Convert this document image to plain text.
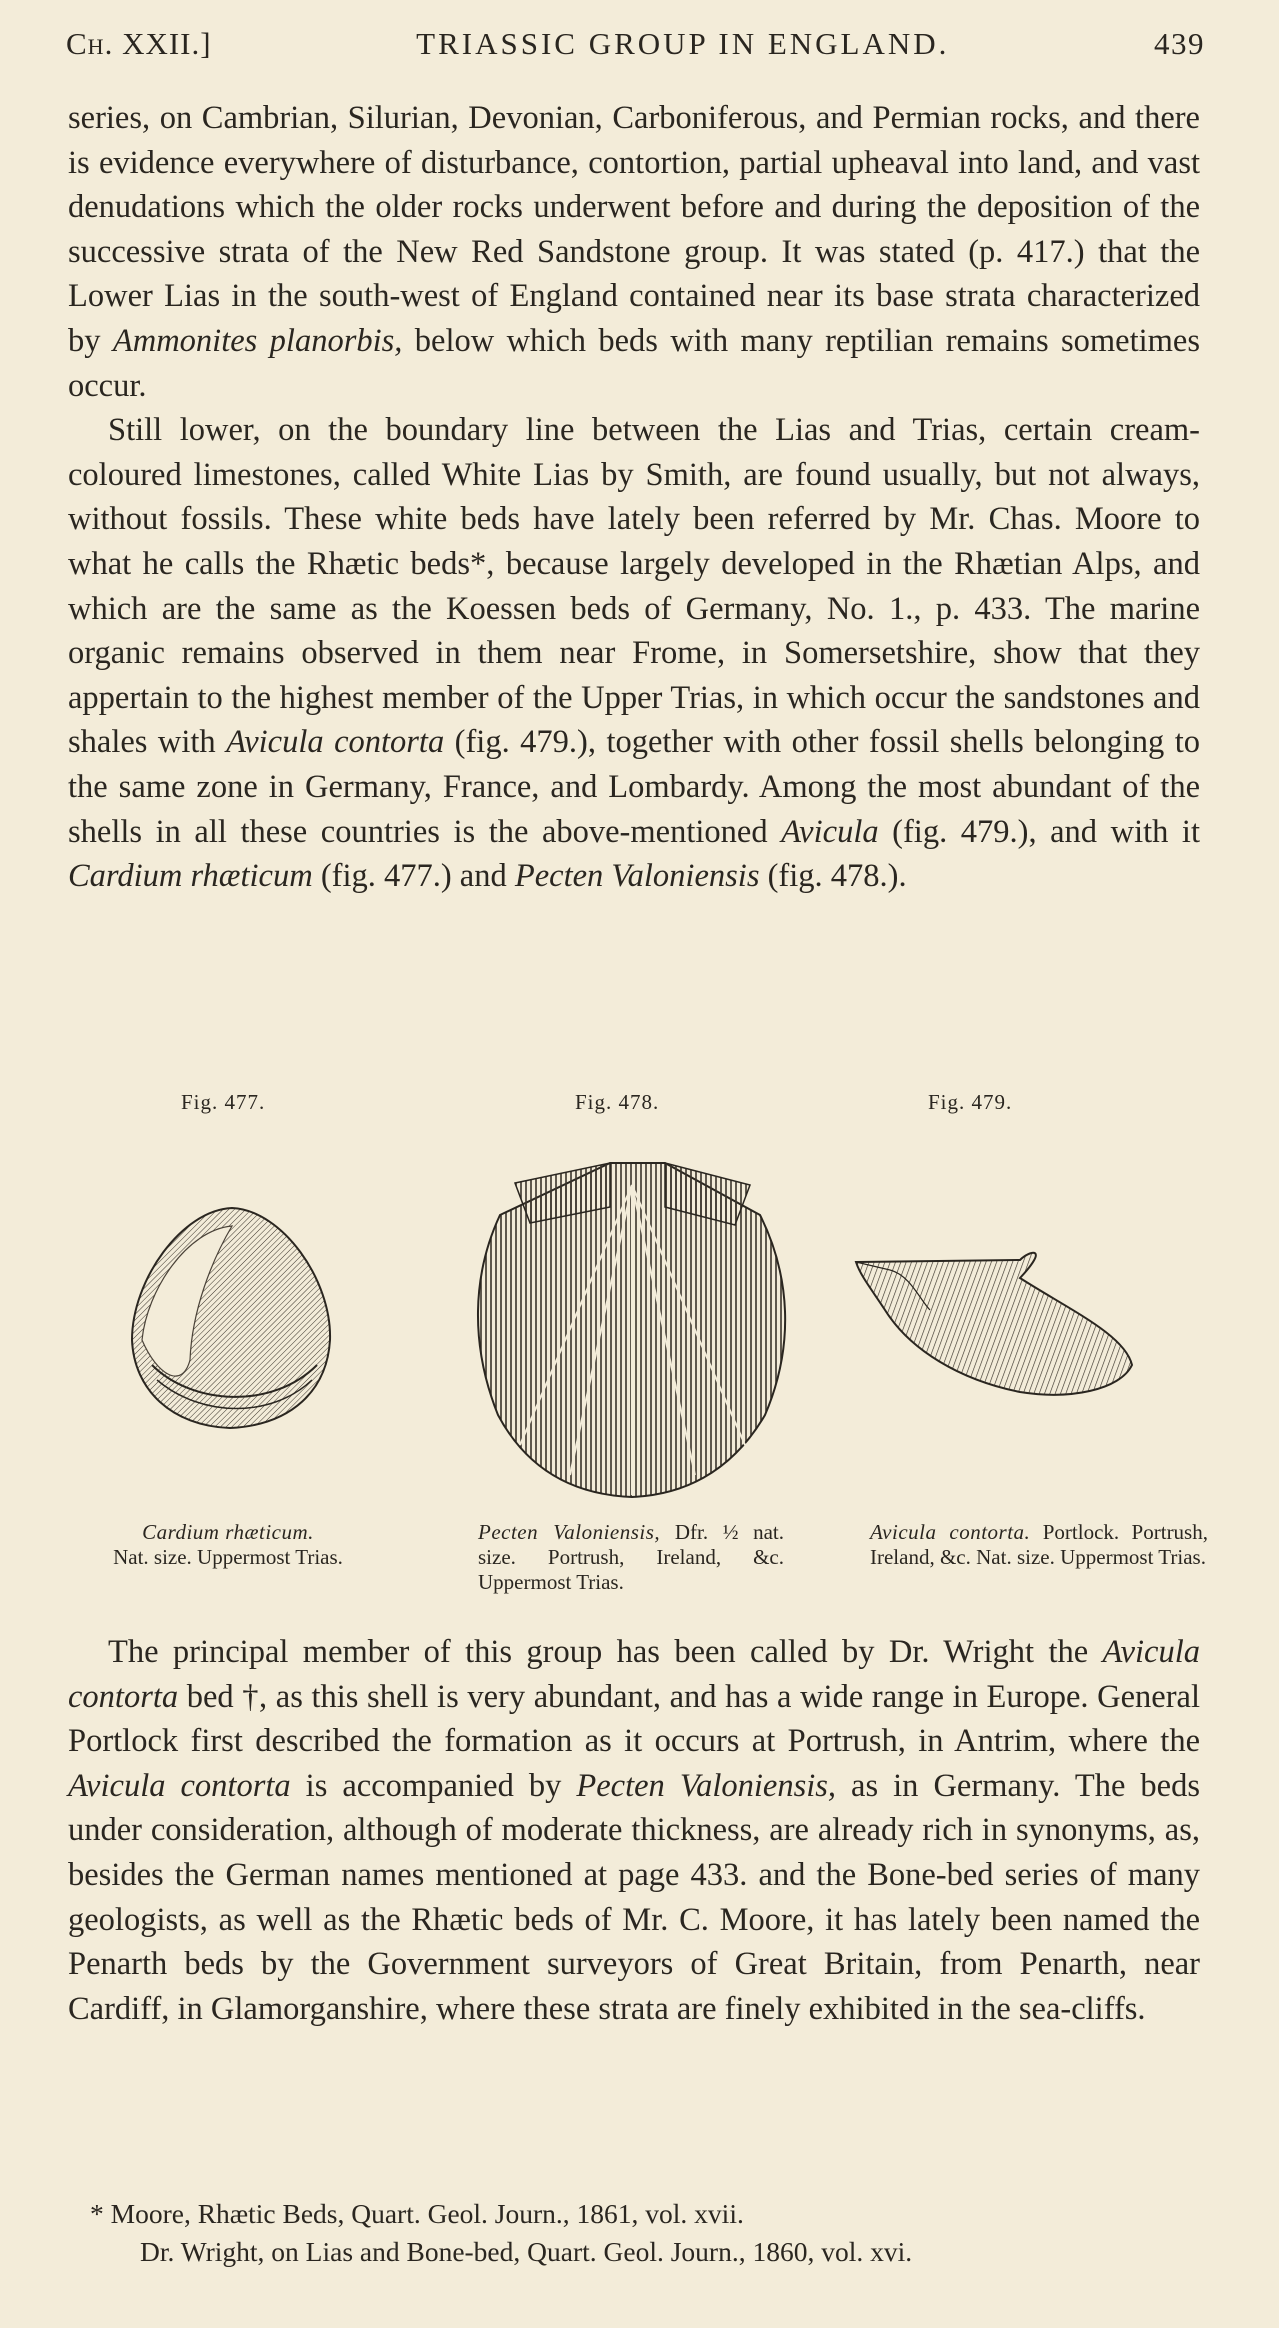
Ch. XXII.]	TRIASSIC GROUP IN ENGLAND.	439

series, on Cambrian, Silurian, Devonian, Carboniferous, and Permian rocks, and there is evidence everywhere of disturbance, contortion, partial upheaval into land, and vast denudations which the older rocks underwent before and during the deposition of the successive strata of the New Red Sandstone group. It was stated (p. 417.) that the Lower Lias in the south-west of England contained near its base strata characterized by Ammonites planorbis, below which beds with many reptilian remains sometimes occur.

Still lower, on the boundary line between the Lias and Trias, certain cream-coloured limestones, called White Lias by Smith, are found usually, but not always, without fossils. These white beds have lately been referred by Mr. Chas. Moore to what he calls the Rhætic beds*, because largely developed in the Rhætian Alps, and which are the same as the Koessen beds of Germany, No. 1., p. 433. The marine organic remains observed in them near Frome, in Somersetshire, show that they appertain to the highest member of the Upper Trias, in which occur the sandstones and shales with Avicula contorta (fig. 479.), together with other fossil shells belonging to the same zone in Germany, France, and Lombardy. Among the most abundant of the shells in all these countries is the above-mentioned Avicula (fig. 479.), and with it Cardium rhæticum (fig. 477.) and Pecten Valoniensis (fig. 478.).

Fig. 477.
Cardium rhæticum.
Nat. size. Uppermost Trias.
Fig. 478.
Pecten Valoniensis, Dfr. ½ nat. size. Portrush, Ireland, &c. Uppermost Trias.
Fig. 479.
Avicula contorta. Portlock. Portrush, Ireland, &c. Nat. size. Uppermost Trias.

The principal member of this group has been called by Dr. Wright the Avicula contorta bed †, as this shell is very abundant, and has a wide range in Europe. General Portlock first described the formation as it occurs at Portrush, in Antrim, where the Avicula contorta is accompanied by Pecten Valoniensis, as in Germany. The beds under consideration, although of moderate thickness, are already rich in synonyms, as, besides the German names mentioned at page 433. and the Bone-bed series of many geologists, as well as the Rhætic beds of Mr. C. Moore, it has lately been named the Penarth beds by the Government surveyors of Great Britain, from Penarth, near Cardiff, in Glamorganshire, where these strata are finely exhibited in the sea-cliffs.

* Moore, Rhætic Beds, Quart. Geol. Journ., 1861, vol. xvii.

Dr. Wright, on Lias and Bone-bed, Quart. Geol. Journ., 1860, vol. xvi.
